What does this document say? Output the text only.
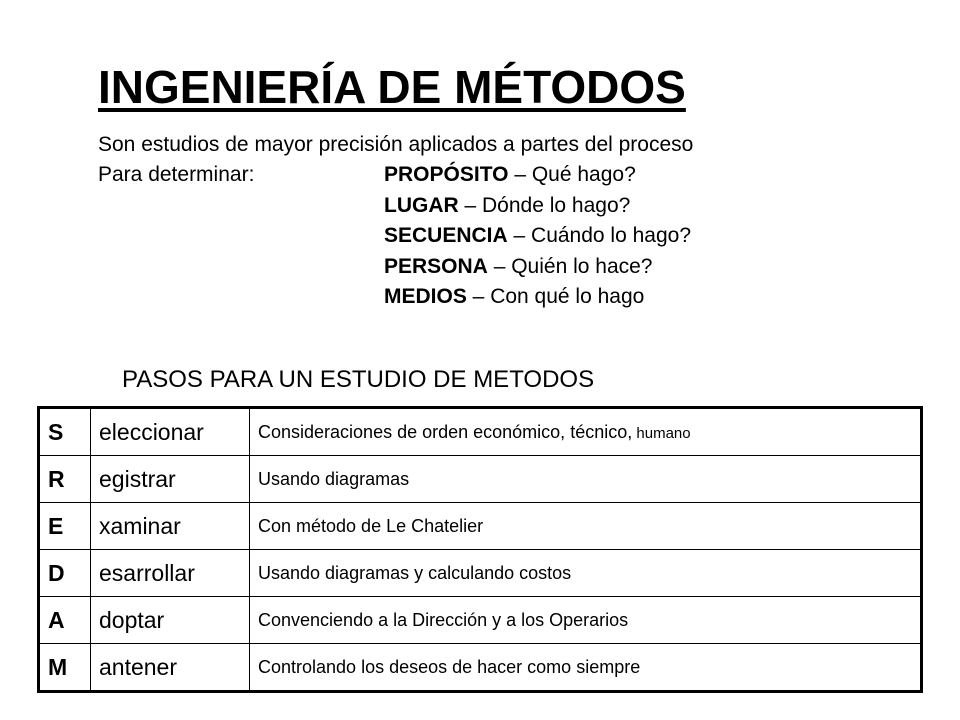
INGENIERÍA DE MÉTODOS
Son estudios de mayor precisión aplicados a partes del proceso
Para determinar:	PROPÓSITO – Qué hago?
LUGAR – Dónde lo hago?
SECUENCIA – Cuándo lo hago?
PERSONA – Quién lo hace?
MEDIOS – Con qué lo hago
PASOS PARA UN ESTUDIO DE METODOS
S	eleccionar	Consideraciones de orden económico, técnico, humano
R	egistrar	Usando diagramas
E	xaminar	Con método de Le Chatelier
D	esarrollar	Usando diagramas y calculando costos
A	doptar	Convenciendo a la Dirección y a los Operarios
M	antener	Controlando los deseos de hacer como siempre
